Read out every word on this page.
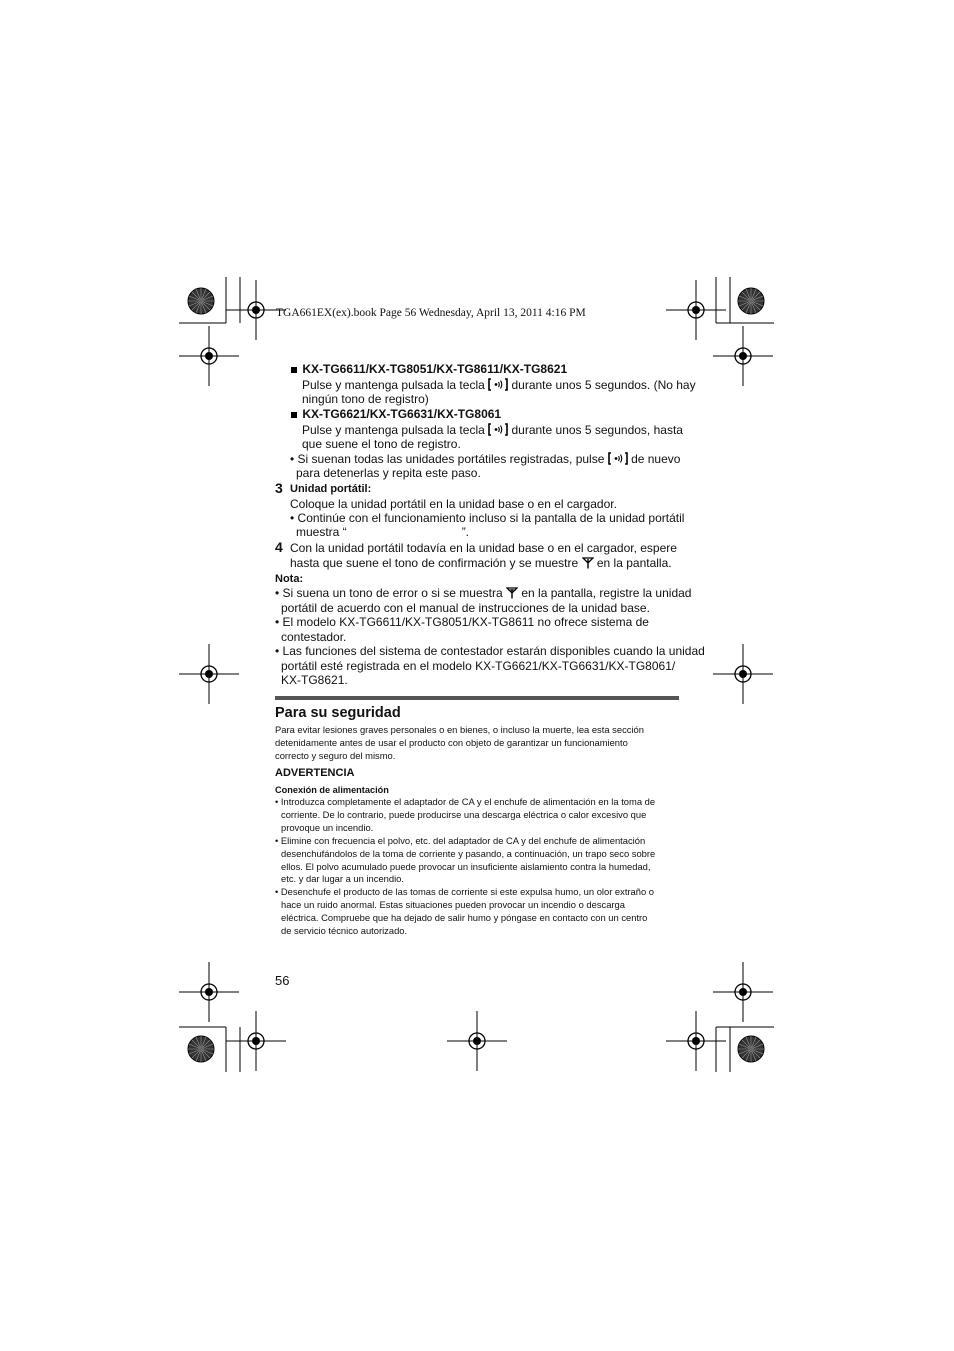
TGA661EX(ex).book Page 56 Wednesday, April 13, 2011 4:16 PM
KX-TG6611/KX-TG8051/KX-TG8611/KX-TG8621
Pulse y mantenga pulsada la tecla durante unos 5 segundos. (No hay
ningún tono de registro)
KX-TG6621/KX-TG6631/KX-TG8061
Pulse y mantenga pulsada la tecla durante unos 5 segundos, hasta
que suene el tono de registro.
• Si suenan todas las unidades portátiles registradas, pulse de nuevo
para detenerlas y repita este paso.
3 Unidad portátil:
Coloque la unidad portátil en la unidad base o en el cargador.
• Continúe con el funcionamiento incluso si la pantalla de la unidad portátil
muestra “	”.
4 Con la unidad portátil todavía en la unidad base o en el cargador, espere
hasta que suene el tono de confirmación y se muestre en la pantalla.
Nota:
• Si suena un tono de error o si se muestra en la pantalla, registre la unidad
portátil de acuerdo con el manual de instrucciones de la unidad base.
• El modelo KX-TG6611/KX-TG8051/KX-TG8611 no ofrece sistema de
contestador.
• Las funciones del sistema de contestador estarán disponibles cuando la unidad
portátil esté registrada en el modelo KX-TG6621/KX-TG6631/KX-TG8061/
KX-TG8621.
Para su seguridad
Para evitar lesiones graves personales o en bienes, o incluso la muerte, lea esta sección
detenidamente antes de usar el producto con objeto de garantizar un funcionamiento
correcto y seguro del mismo.
ADVERTENCIA
Conexión de alimentación
• Introduzca completamente el adaptador de CA y el enchufe de alimentación en la toma de
corriente. De lo contrario, puede producirse una descarga eléctrica o calor excesivo que
provoque un incendio.
• Elimine con frecuencia el polvo, etc. del adaptador de CA y del enchufe de alimentación
desenchufándolos de la toma de corriente y pasando, a continuación, un trapo seco sobre
ellos. El polvo acumulado puede provocar un insuficiente aislamiento contra la humedad,
etc. y dar lugar a un incendio.
• Desenchufe el producto de las tomas de corriente si este expulsa humo, un olor extraño o
hace un ruido anormal. Estas situaciones pueden provocar un incendio o descarga
eléctrica. Compruebe que ha dejado de salir humo y póngase en contacto con un centro
de servicio técnico autorizado.
56
